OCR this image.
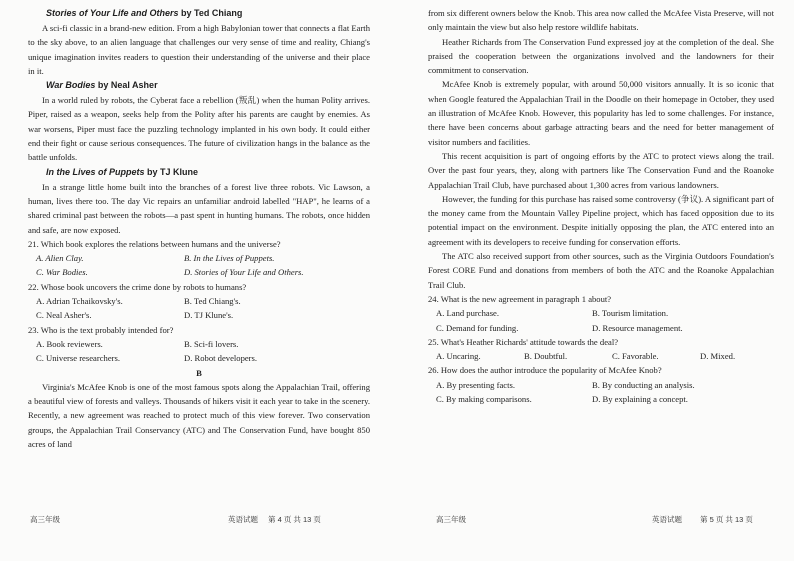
Stories of Your Life and Others by Ted Chiang

A sci-fi classic in a brand-new edition. From a high Babylonian tower that connects a flat Earth to the sky above, to an alien language that challenges our very sense of time and reality, Chiang's unique imagination invites readers to question their understanding of the universe and their place in it.

War Bodies by Neal Asher

In a world ruled by robots, the Cyberat face a rebellion (叛乱) when the human Polity arrives. Piper, raised as a weapon, seeks help from the Polity after his parents are caught by enemies. As war worsens, Piper must face the puzzling technology implanted in his own body. It could either end their fight or cause serious consequences. The future of civilization hangs in the balance as the battle unfolds.

In the Lives of Puppets by TJ Klune

In a strange little home built into the branches of a forest live three robots. Vic Lawson, a human, lives there too. The day Vic repairs an unfamiliar android labelled "HAP", he learns of a shared criminal past between the robots—a past spent in hunting humans. The robots, once hidden and safe, are now exposed.

21. Which book explores the relations between humans and the universe?

A. Alien Clay.	B. In the Lives of Puppets.
C. War Bodies.	D. Stories of Your Life and Others.

22. Whose book uncovers the crime done by robots to humans?

A. Adrian Tchaikovsky's.	B. Ted Chiang's.
C. Neal Asher's.	D. TJ Klune's.

23. Who is the text probably intended for?

A. Book reviewers.	B. Sci-fi lovers.
C. Universe researchers.	D. Robot developers.
B

Virginia's McAfee Knob is one of the most famous spots along the Appalachian Trail, offering a beautiful view of forests and valleys. Thousands of hikers visit it each year to take in the scenery. Recently, a new agreement was reached to protect much of this view forever. Two conservation groups, the Appalachian Trail Conservancy (ATC) and The Conservation Fund, have bought 850 acres of land

from six different owners below the Knob. This area now called the McAfee Vista Preserve, will not only maintain the view but also help restore wildlife habitats.

Heather Richards from The Conservation Fund expressed joy at the completion of the deal. She praised the cooperation between the organizations involved and the landowners for their commitment to conservation.

McAfee Knob is extremely popular, with around 50,000 visitors annually. It is so iconic that when Google featured the Appalachian Trail in the Doodle on their homepage in October, they used an illustration of McAfee Knob. However, this popularity has led to some challenges. For instance, there have been concerns about garbage attracting bears and the need for better management of visitor numbers and facilities.

This recent acquisition is part of ongoing efforts by the ATC to protect views along the trail. Over the past four years, they, along with partners like The Conservation Fund and the Roanoke Appalachian Trail Club, have purchased about 1,300 acres from various landowners.

However, the funding for this purchase has raised some controversy (争议). A significant part of the money came from the Mountain Valley Pipeline project, which has faced opposition due to its potential impact on the environment. Despite initially opposing the plan, the ATC entered into an agreement with its developers to receive funding for conservation efforts.

The ATC also received support from other sources, such as the Virginia Outdoors Foundation's Forest CORE Fund and donations from members of both the ATC and the Roanoke Appalachian Trail Club.

24. What is the new agreement in paragraph 1 about?

A. Land purchase.	B. Tourism limitation.
C. Demand for funding.	D. Resource management.

25. What's Heather Richards' attitude towards the deal?

A. Uncaring.	B. Doubtful.	C. Favorable.	D. Mixed.

26. How does the author introduce the popularity of McAfee Knob?

A. By presenting facts.	B. By conducting an analysis.
C. By making comparisons.	D. By explaining a concept.
高三年级	英语试题 第 4 页 共 13 页	高三年级	英语试题 第 5 页 共 13 页
